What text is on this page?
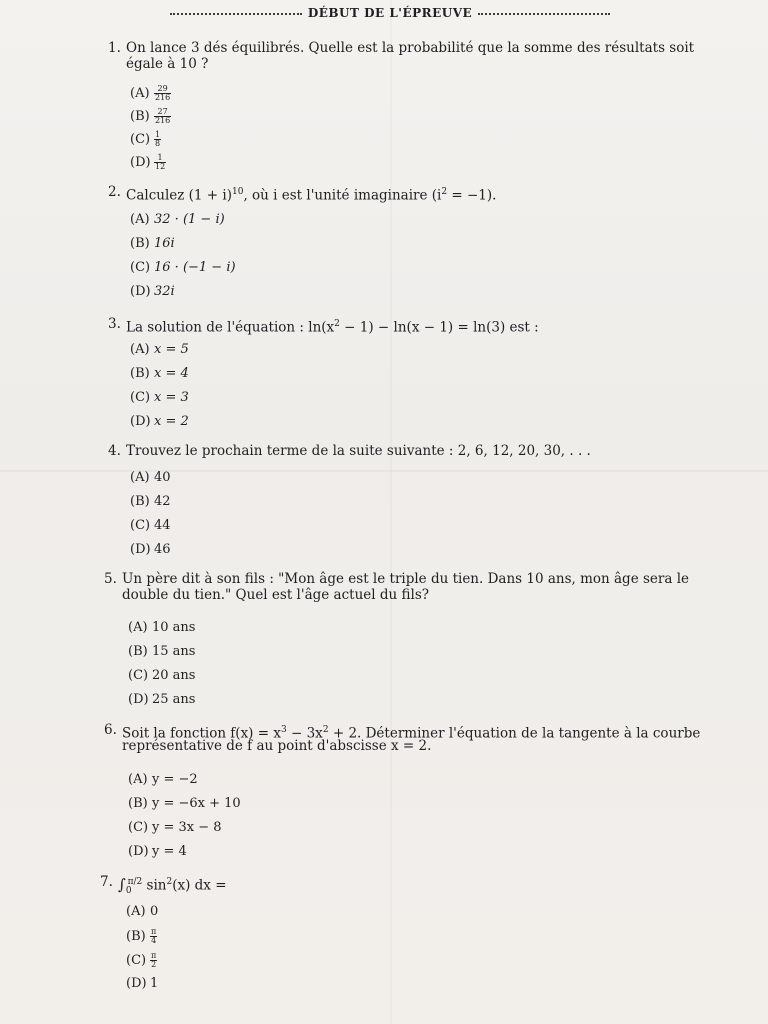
DÉBUT DE L'ÉPREUVE
1. On lance 3 dés équilibrés. Quelle est la probabilité que la somme des résultats soit
égale à 10 ?
$(A) \frac{29}{216}$
$(B) \frac{27}{216}$
$(C) \frac{1}{8}$
$(D) \frac{1}{12}$
2. Calculez $(1 + i)^{10}$, où i est l'unité imaginaire $(i^2 = -1)$.
(A) 32 · (1 − i)
(B) 16i
(C) 16 · (−1 − i)
(D) 32i
3. La solution de l'équation : $\ln(x^2 - 1) - \ln(x - 1) = \ln(3)$ est :
(A) x = 5
(B) x = 4
(C) x = 3
(D) x = 2
4. Trouvez le prochain terme de la suite suivante : 2, 6, 12, 20, 30, . . .
(A) 40
(B) 42
(C) 44
(D) 46
5. Un père dit à son fils : "Mon âge est le triple du tien. Dans 10 ans, mon âge sera le
double du tien." Quel est l'âge actuel du fils?
(A) 10 ans
(B) 15 ans
(C) 20 ans
(D) 25 ans
6. Soit la fonction $f(x) = x^3 - 3x^2 + 2$. Déterminer l'équation de la tangente à la courbe
représentative de f au point d'abscisse x = 2.
(A) y = −2
(B) y = −6x + 10
(C) y = 3x − 8
(D) y = 4
7. $\int_0^{\pi/2}$ $\sin^2(x)$ dx =
(A) 0
$(B) \frac{\pi}{4}$
$(C) \frac{\pi}{2}$
(D) 1
